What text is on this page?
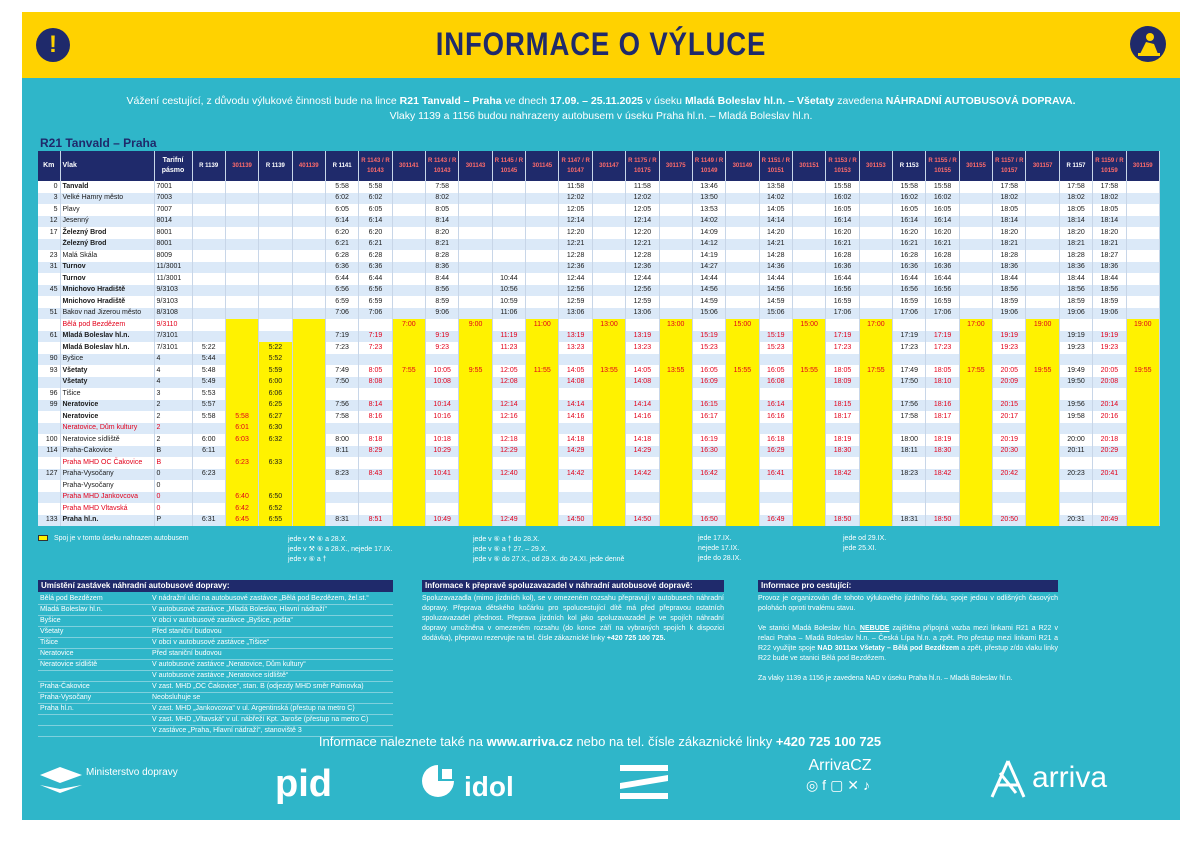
!	INFORMACE O VÝLUCE
Vážení cestující, z důvodu výlukové činnosti bude na lince R21 Tanvald – Praha ve dnech 17.09. – 25.11.2025 v úseku Mladá Boleslav hl.n. – Všetaty zavedena NÁHRADNÍ AUTOBUSOVÁ DOPRAVA.
Vlaky 1139 a 1156 budou nahrazeny autobusem v úseku Praha hl.n. – Mladá Boleslav hl.n.
R21 Tanvald – Praha
Km	Vlak	Tarifní pásmo	R 1139	301139	R 1139	401139	R 1141	R 1143 / R 10143	301141	R 1143 / R 10143	301143	R 1145 / R 10145	301145	R 1147 / R 10147	301147	R 1175 / R 10175	301175	R 1149 / R 10149	301149	R 1151 / R 10151	301151	R 1153 / R 10153	301153	R 1153	R 1155 / R 10155	301155	R 1157 / R 10157	301157	R 1157	R 1159 / R 10159	301159
0	Tanvald	7001					5:58	5:58		7:58				11:58		11:58		13:46		13:58		15:58		15:58	15:58		17:58		17:58	17:58	
3	Velké Hamry město	7003					6:02	6:02		8:02				12:02		12:02		13:50		14:02		16:02		16:02	16:02		18:02		18:02	18:02	
5	Plavy	7007					6:05	6:05		8:05				12:05		12:05		13:53		14:05		16:05		16:05	16:05		18:05		18:05	18:05	
12	Jesenný	8014					6:14	6:14		8:14				12:14		12:14		14:02		14:14		16:14		16:14	16:14		18:14		18:14	18:14	
17	Železný Brod	8001					6:20	6:20		8:20				12:20		12:20		14:09		14:20		16:20		16:20	16:20		18:20		18:20	18:20	
	Železný Brod	8001					6:21	6:21		8:21				12:21		12:21		14:12		14:21		16:21		16:21	16:21		18:21		18:21	18:21	
23	Malá Skála	8009					6:28	6:28		8:28				12:28		12:28		14:19		14:28		16:28		16:28	16:28		18:28		18:28	18:27	
31	Turnov	11/3001					6:36	6:36		8:36				12:36		12:36		14:27		14:36		16:36		16:36	16:36		18:36		18:36	18:36	
	Turnov	11/3001					6:44	6:44		8:44		10:44		12:44		12:44		14:44		14:44		16:44		16:44	16:44		18:44		18:44	18:44	
45	Mnichovo Hradiště	9/3103					6:56	6:56		8:56		10:56		12:56		12:56		14:56		14:56		16:56		16:56	16:56		18:56		18:56	18:56	
	Mnichovo Hradiště	9/3103					6:59	6:59		8:59		10:59		12:59		12:59		14:59		14:59		16:59		16:59	16:59		18:59		18:59	18:59	
51	Bakov nad Jizerou město	8/3108					7:06	7:06		9:06		11:06		13:06		13:06		15:06		15:06		17:06		17:06	17:06		19:06		19:06	19:06	
	Bělá pod Bezdězem	9/3110							7:00		9:00		11:00		13:00		13:00		15:00		15:00		17:00			17:00		19:00			19:00
61	Mladá Boleslav hl.n.	7/3101					7:19	7:19		9:19		11:19		13:19		13:19		15:19		15:19		17:19		17:19	17:19		19:19		19:19	19:19	
	Mladá Boleslav hl.n.	7/3101	5:22		5:22		7:23	7:23		9:23		11:23		13:23		13:23		15:23		15:23		17:23		17:23	17:23		19:23		19:23	19:23	
90	Byšice	4	5:44		5:52																										
93	Všetaty	4	5:48		5:59		7:49	8:05	7:55	10:05	9:55	12:05	11:55	14:05	13:55	14:05	13:55	16:05	15:55	16:05	15:55	18:05	17:55	17:49	18:05	17:55	20:05	19:55	19:49	20:05	19:55
	Všetaty	4	5:49		6:00		7:50	8:08		10:08		12:08		14:08		14:08		16:09		16:08		18:09		17:50	18:10		20:09		19:50	20:08	
96	Tišice	3	5:53		6:06																										
99	Neratovice	2	5:57		6:25		7:56	8:14		10:14		12:14		14:14		14:14		16:15		16:14		18:15		17:56	18:16		20:15		19:56	20:14	
	Neratovice	2	5:58	5:58	6:27		7:58	8:16		10:16		12:16		14:16		14:16		16:17		16:16		18:17		17:58	18:17		20:17		19:58	20:16	
	Neratovice, Dům kultury	2		6:01	6:30																										
100	Neratovice sídliště	2	6:00	6:03	6:32		8:00	8:18		10:18		12:18		14:18		14:18		16:19		16:18		18:19		18:00	18:19		20:19		20:00	20:18	
114	Praha-Čakovice	B	6:11				8:11	8:29		10:29		12:29		14:29		14:29		16:30		16:29		18:30		18:11	18:30		20:30		20:11	20:29	
	Praha MHD OC Čakovice	B		6:23	6:33																										
127	Praha-Vysočany	0	6:23				8:23	8:43		10:41		12:40		14:42		14:42		16:42		16:41		18:42		18:23	18:42		20:42		20:23	20:41	
	Praha-Vysočany	0																													
	Praha MHD Jankovcova	0		6:40	6:50																										
	Praha MHD Vltavská	0		6:42	6:52																										
133	Praha hl.n.	P	6:31	6:45	6:55		8:31	8:51		10:49		12:49		14:50		14:50		16:50		16:49		18:50		18:31	18:50		20:50		20:31	20:49	
Spoj je v tomto úseku nahrazen autobusem	jede v ⚒ ⑥ a 28.X.
jede v ⚒ ⑥ a 28.X., nejede 17.IX.
jede v ⑥ a †
jede v ⑥ a † do 28.X.
jede v ⑥ a † 27. – 29.X.
jede v ⑥ do 27.X., od 29.X. do 24.XI. jede denně
jede 17.IX.
nejede 17.IX.
jede do 28.IX.
jede od 29.IX.
jede 25.XI.
Umístění zastávek náhradní autobusové dopravy:
Bělá pod Bezdězem	V nádražní ulici na autobusové zastávce „Bělá pod Bezdězem, žel.st.“
Mladá Boleslav hl.n.	V autobusové zastávce „Mladá Boleslav, Hlavní nádraží“
Byšice	V obci v autobusové zastávce „Byšice, pošta“
Všetaty	Před staniční budovou
Tišice	V obci v autobusové zastávce „Tišice“
Neratovice	Před staniční budovou
Neratovice sídliště	V autobusové zastávce „Neratovice, Dům kultury“
	V autobusové zastávce „Neratovice sídliště“
Praha-Čakovice	V zast. MHD „OC Čakovice“, stan. B (odjezdy MHD směr Palmovka)
Praha-Vysočany	Neobsluhuje se
Praha hl.n.	V zast. MHD „Jankovcova“ v ul. Argentinská (přestup na metro C)
	V zast. MHD „Vltavská“ v ul. nábřeží Kpt. Jaroše (přestup na metro C)
	V zastávce „Praha, Hlavní nádraží“, stanoviště 3
Informace k přepravě spoluzavazadel v náhradní autobusové dopravě:
Spoluzavazadla (mimo jízdních kol), se v omezeném rozsahu přepravují v autobusech náhradní dopravy. Přeprava dětského kočárku pro spolucestující dítě má před přepravou ostatních spoluzavazadel přednost. Přeprava jízdních kol jako spoluzavazadel je ve spojích náhradní dopravy umožněna v omezeném rozsahu (do konce září na vybraných spojích k dispozici dodávka), přepravu rezervujte na tel. čísle zákaznické linky +420 725 100 725.
Informace pro cestující:
Provoz je organizován dle tohoto výlukového jízdního řádu, spoje jedou v odlišných časových polohách oproti trvalému stavu.

Ve stanici Mladá Boleslav hl.n. NEBUDE zajištěna přípojná vazba mezi linkami R21 a R22 v relaci Praha – Mladá Boleslav hl.n. – Česká Lípa hl.n. a zpět. Pro přestup mezi linkami R21 a R22 využijte spoje NAD 3011xx Všetaty – Bělá pod Bezdězem a zpět, přestup z/do vlaku linky R22 bude ve stanici Bělá pod Bezdězem.

Za vlaky 1139 a 1156 je zavedena NAD v úseku Praha hl.n. – Mladá Boleslav hl.n.
Informace naleznete také na www.arriva.cz nebo na tel. čísle zákaznické linky +420 725 100 725
Ministerstvo dopravy	pid	idol
ArrivaCZ
◎f▢✕♪	arriva
